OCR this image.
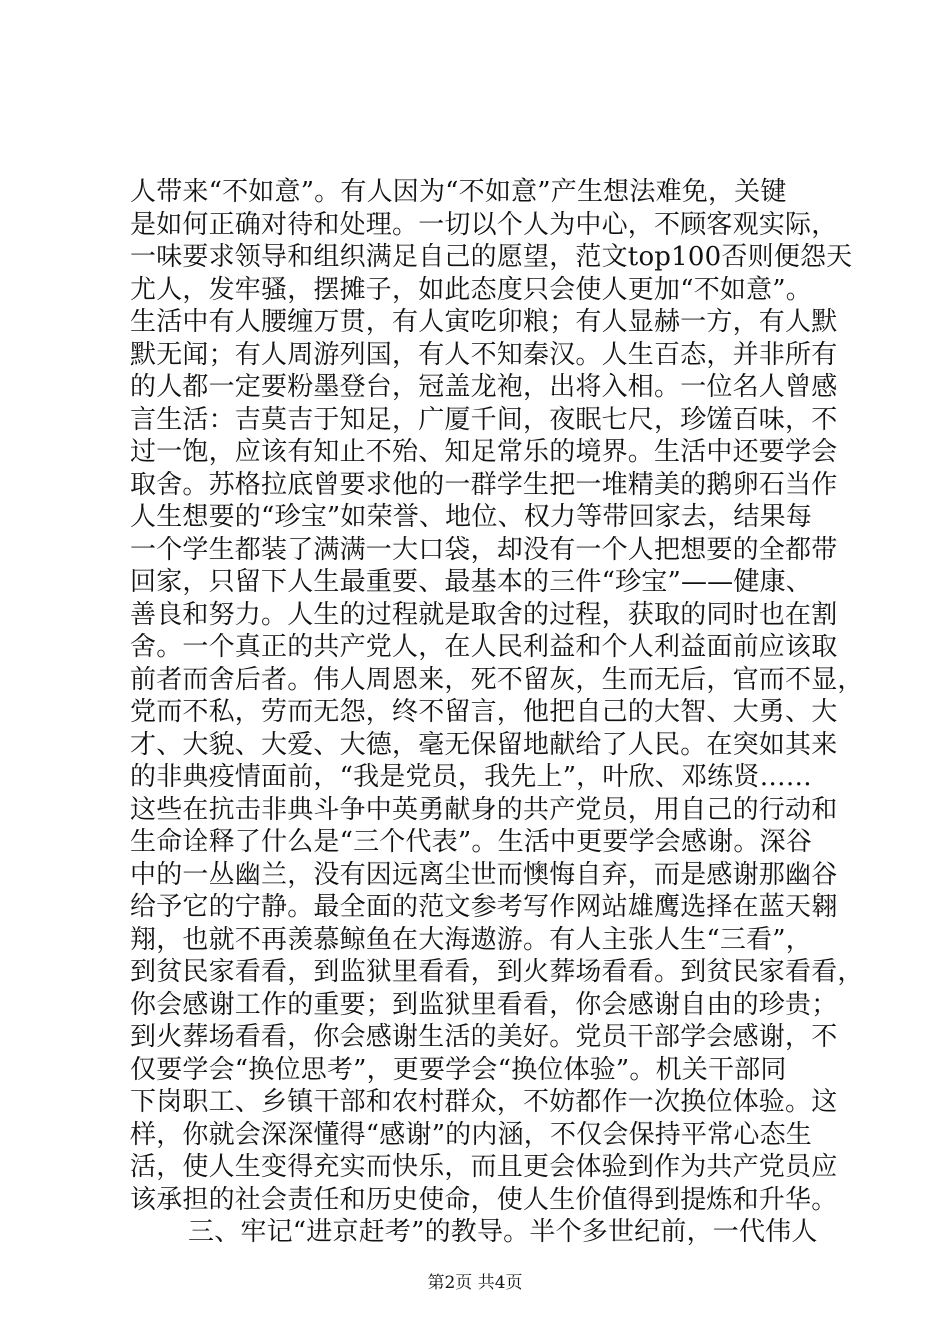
人带来“不如意”。有人因为“不如意”产生想法难免，关键
是如何正确对待和处理。一切以个人为中心，不顾客观实际，
一味要求领导和组织满足自己的愿望，范文top100否则便怨天
尤人，发牢骚，摆摊子，如此态度只会使人更加“不如意”。
生活中有人腰缠万贯，有人寅吃卯粮；有人显赫一方，有人默
默无闻；有人周游列国，有人不知秦汉。人生百态，并非所有
的人都一定要粉墨登台，冠盖龙袍，出将入相。一位名人曾感
言生活：吉莫吉于知足，广厦千间，夜眠七尺，珍馐百味，不
过一饱，应该有知止不殆、知足常乐的境界。生活中还要学会
取舍。苏格拉底曾要求他的一群学生把一堆精美的鹅卵石当作
人生想要的“珍宝”如荣誉、地位、权力等带回家去，结果每
一个学生都装了满满一大口袋，却没有一个人把想要的全都带
回家，只留下人生最重要、最基本的三件“珍宝”——健康、
善良和努力。人生的过程就是取舍的过程，获取的同时也在割
舍。一个真正的共产党人，在人民利益和个人利益面前应该取
前者而舍后者。伟人周恩来，死不留灰，生而无后，官而不显，
党而不私，劳而无怨，终不留言，他把自己的大智、大勇、大
才、大貌、大爱、大德，毫无保留地献给了人民。在突如其来
的非典疫情面前，“我是党员，我先上”，叶欣、邓练贤……
这些在抗击非典斗争中英勇献身的共产党员，用自己的行动和
生命诠释了什么是“三个代表”。生活中更要学会感谢。深谷
中的一丛幽兰，没有因远离尘世而懊悔自弃，而是感谢那幽谷
给予它的宁静。最全面的范文参考写作网站雄鹰选择在蓝天翱
翔，也就不再羡慕鲸鱼在大海遨游。有人主张人生“三看”，
到贫民家看看，到监狱里看看，到火葬场看看。到贫民家看看，
你会感谢工作的重要；到监狱里看看，你会感谢自由的珍贵；
到火葬场看看，你会感谢生活的美好。党员干部学会感谢，不
仅要学会“换位思考”，更要学会“换位体验”。机关干部同
下岗职工、乡镇干部和农村群众，不妨都作一次换位体验。这
样，你就会深深懂得“感谢”的内涵，不仅会保持平常心态生
活，使人生变得充实而快乐，而且更会体验到作为共产党员应
该承担的社会责任和历史使命，使人生价值得到提炼和升华。
三、牢记“进京赶考”的教导。半个多世纪前，一代伟人
第2页 共4页
